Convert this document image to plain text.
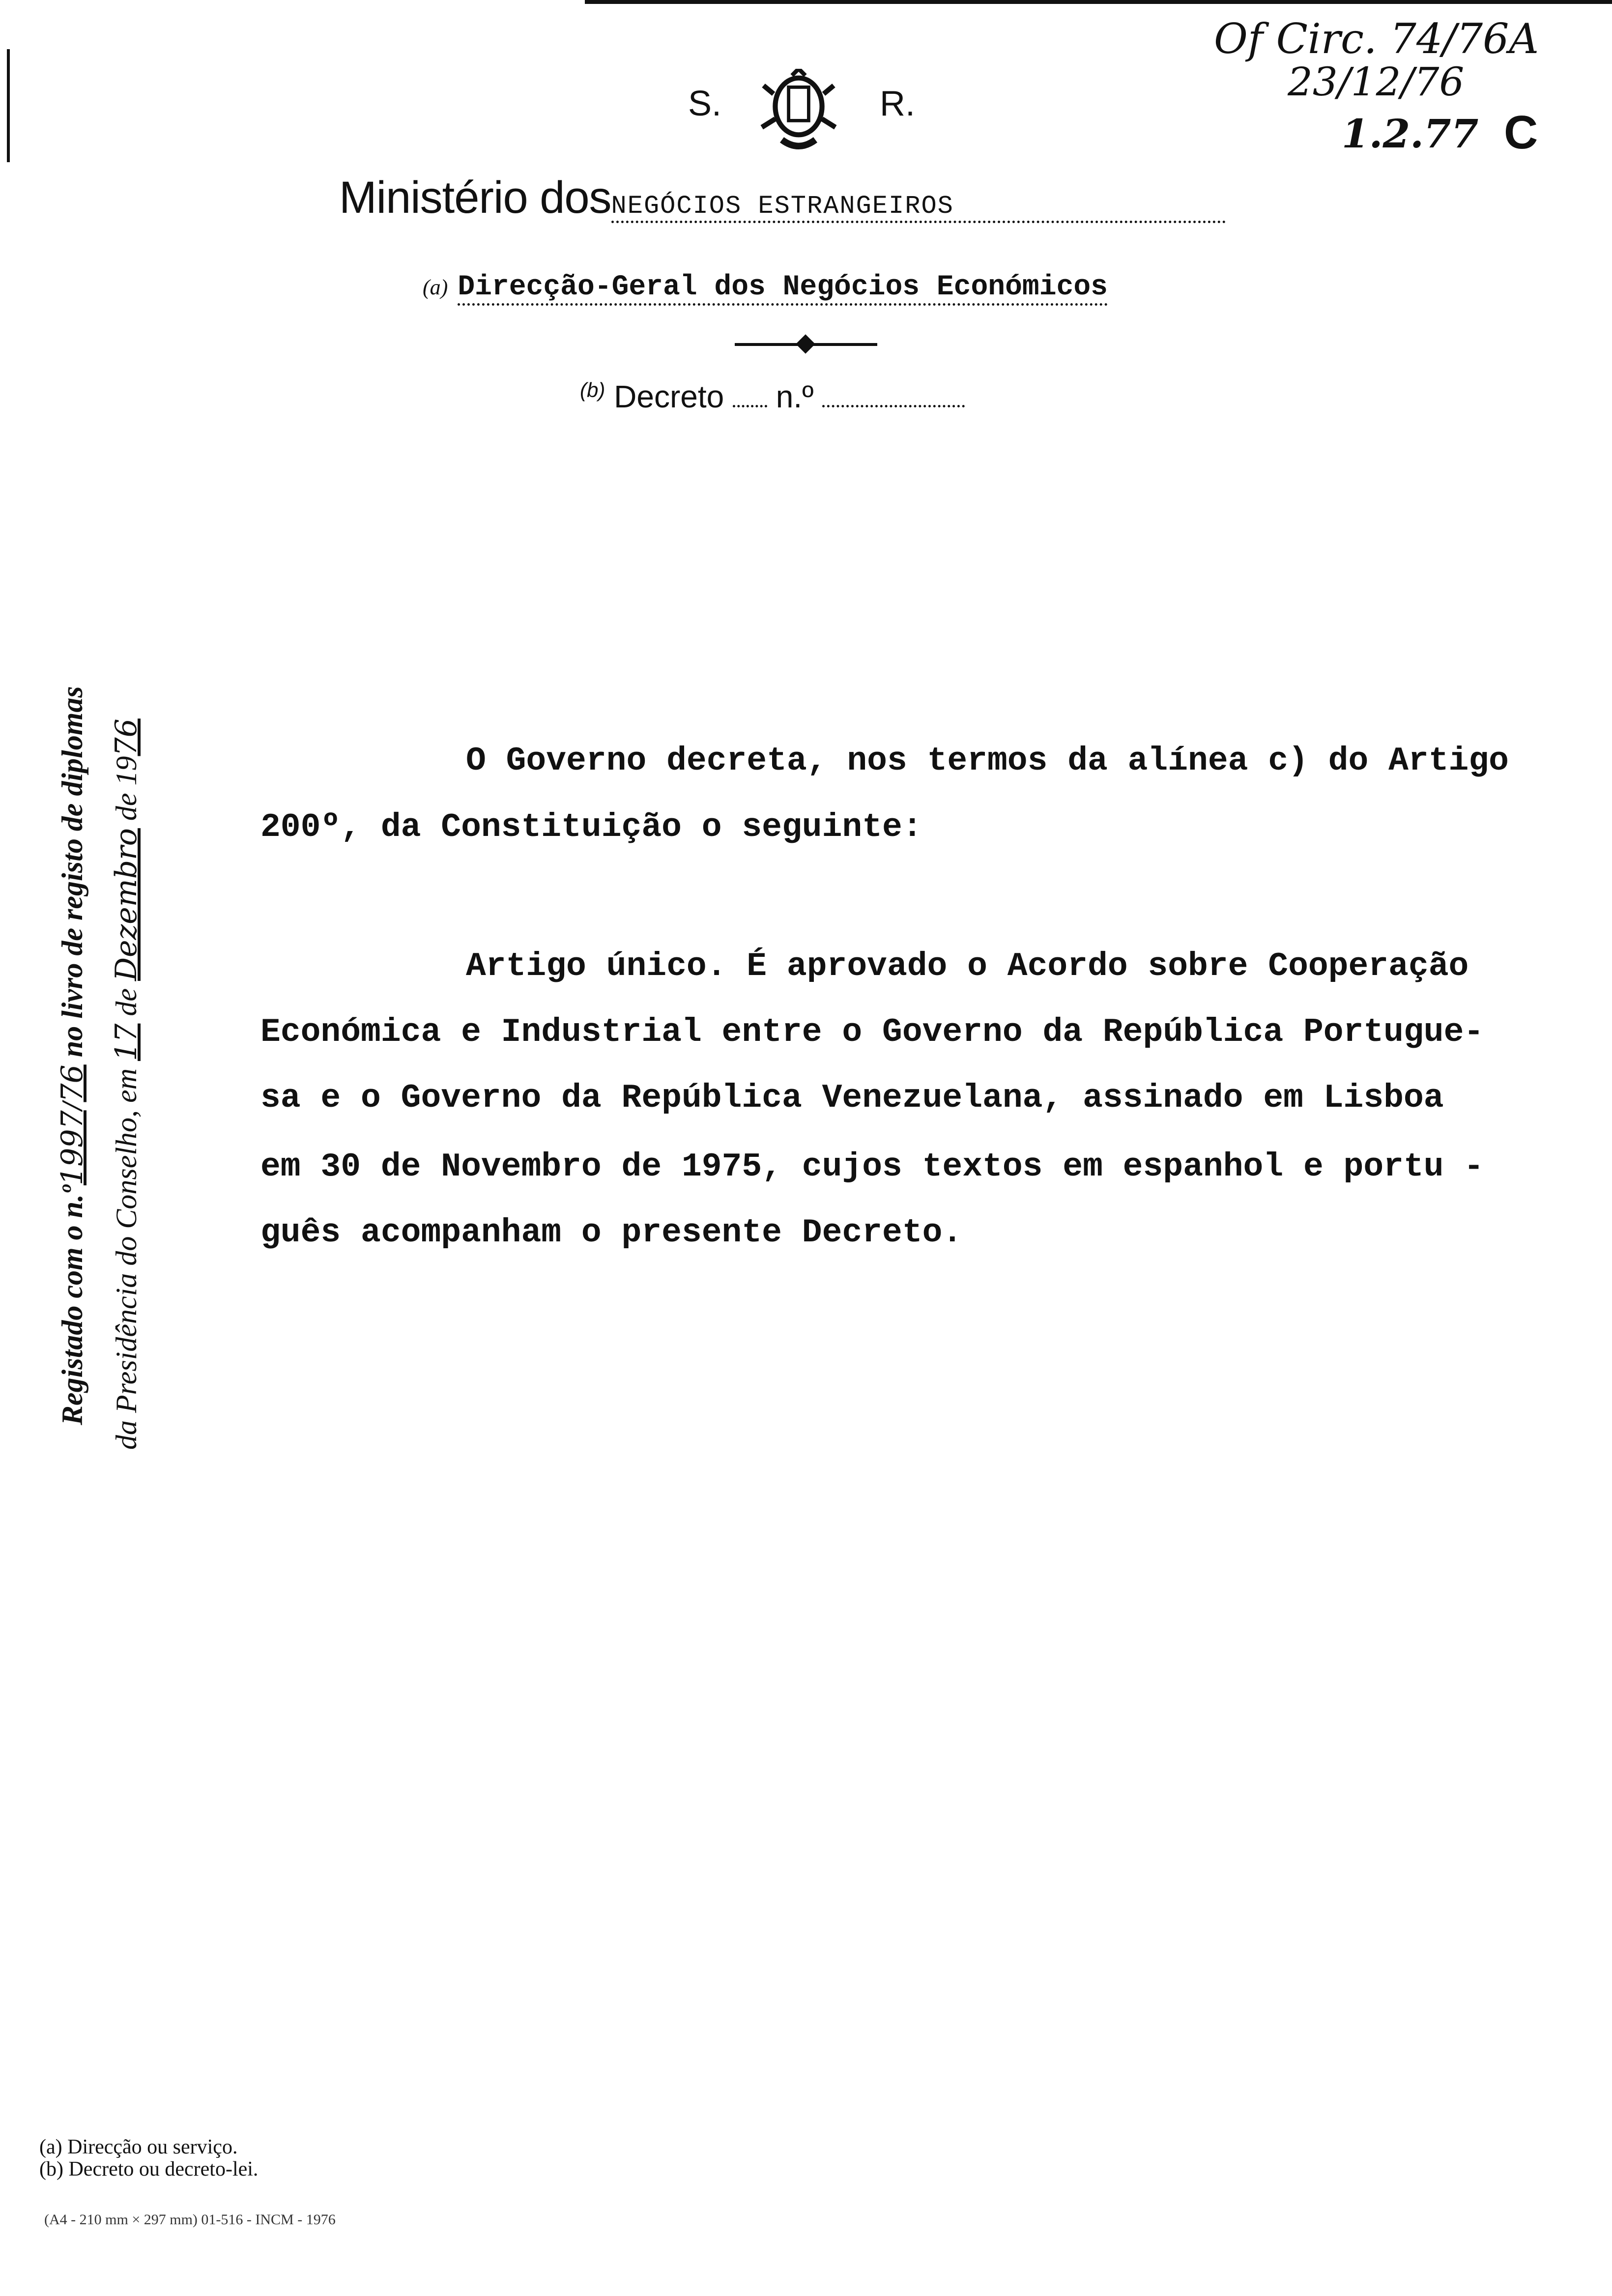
Of Circ. 74/76A
23/12/76
1.2.77 C
S.	R.
Ministério dosNEGÓCIOS ESTRANGEIROS
(a) Direcção-Geral dos Negócios Económicos
$^{(b)}$ Decreto n.º
O Governo decreta, nos termos da alínea c) do Artigo
200º, da Constituição o seguinte:
Artigo único. É aprovado o Acordo sobre Cooperação
Económica e Industrial entre o Governo da República Portugue-
sa e o Governo da República Venezuelana, assinado em Lisboa
em 30 de Novembro de 1975, cujos textos em espanhol e portu -
guês acompanham o presente Decreto.
Registado com o n.º1997/76 no livro de registo de diplomas
da Presidência do Conselho, em 17 de Dezembro de 1976
(a) Direcção ou serviço.
(b) Decreto ou decreto-lei.
(A4 - 210 mm × 297 mm) 01-516 - INCM - 1976
